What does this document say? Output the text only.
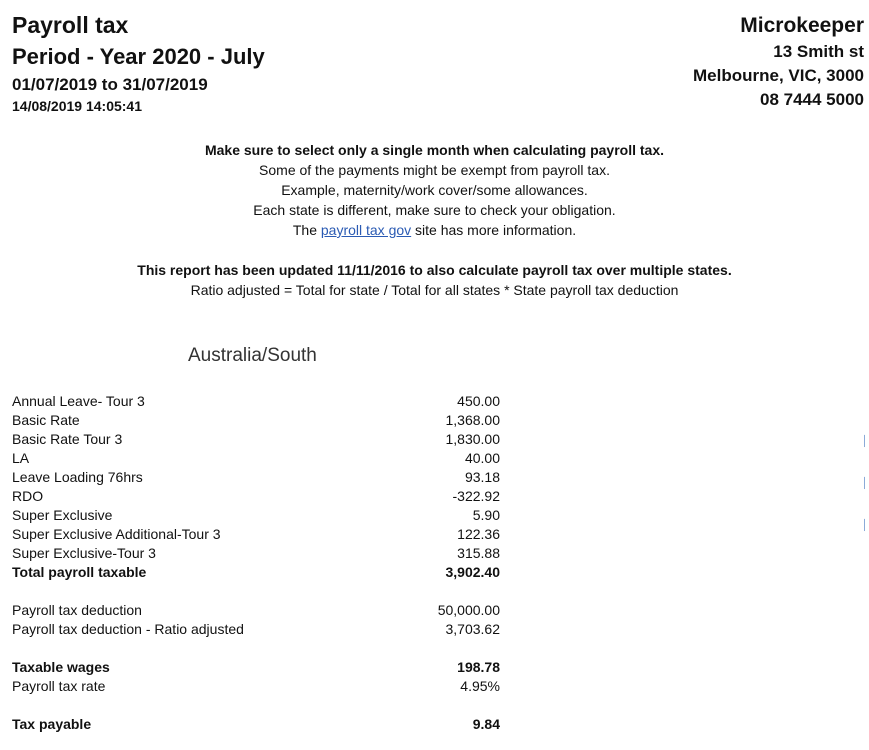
Payroll tax
Period - Year 2020 - July
01/07/2019 to 31/07/2019
14/08/2019 14:05:41
Microkeeper
13 Smith st
Melbourne, VIC, 3000
08 7444 5000
Make sure to select only a single month when calculating payroll tax.
Some of the payments might be exempt from payroll tax.
Example, maternity/work cover/some allowances.
Each state is different, make sure to check your obligation.
The payroll tax gov site has more information.
This report has been updated 11/11/2016 to also calculate payroll tax over multiple states.
Ratio adjusted = Total for state / Total for all states * State payroll tax deduction
Australia/South
Annual Leave- Tour 3	450.00
Basic Rate	1,368.00
Basic Rate Tour 3	1,830.00
LA	40.00
Leave Loading 76hrs	93.18
RDO	-322.92
Super Exclusive	5.90
Super Exclusive Additional-Tour 3	122.36
Super Exclusive-Tour 3	315.88
Total payroll taxable	3,902.40
Payroll tax deduction	50,000.00
Payroll tax deduction - Ratio adjusted	3,703.62
Taxable wages	198.78
Payroll tax rate	4.95%
Tax payable	9.84
│
│
│
